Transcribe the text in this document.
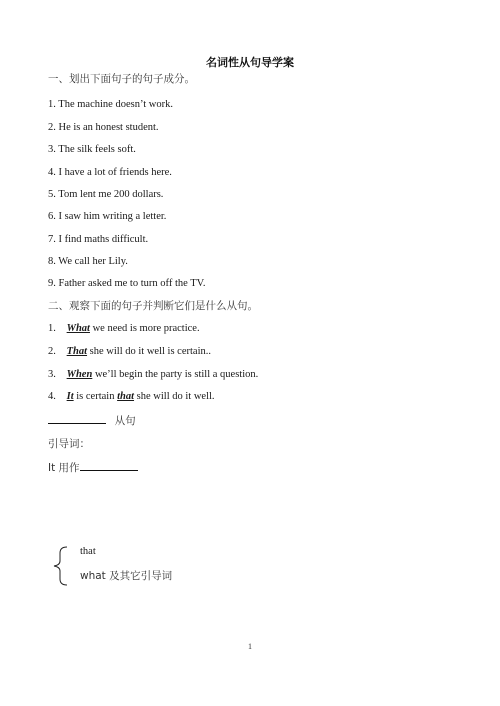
名词性从句导学案
一、划出下面句子的句子成分。
1. The machine doesn’t work.
2. He is an honest student.
3. The silk feels soft.
4. I have a lot of friends here.
5. Tom lent me 200 dollars.
6. I saw him writing a letter.
7. I find maths difficult.
8. We call her Lily.
9. Father asked me to turn off the TV.
二、观察下面的句子并判断它们是什么从句。
1. What we need is more practice.
2. That she will do it well is certain..
3. When we’ll begin the party is still a question.
4. It is certain that she will do it well.
从句
引导词：
It 用作
that
what 及其它引导词
1
